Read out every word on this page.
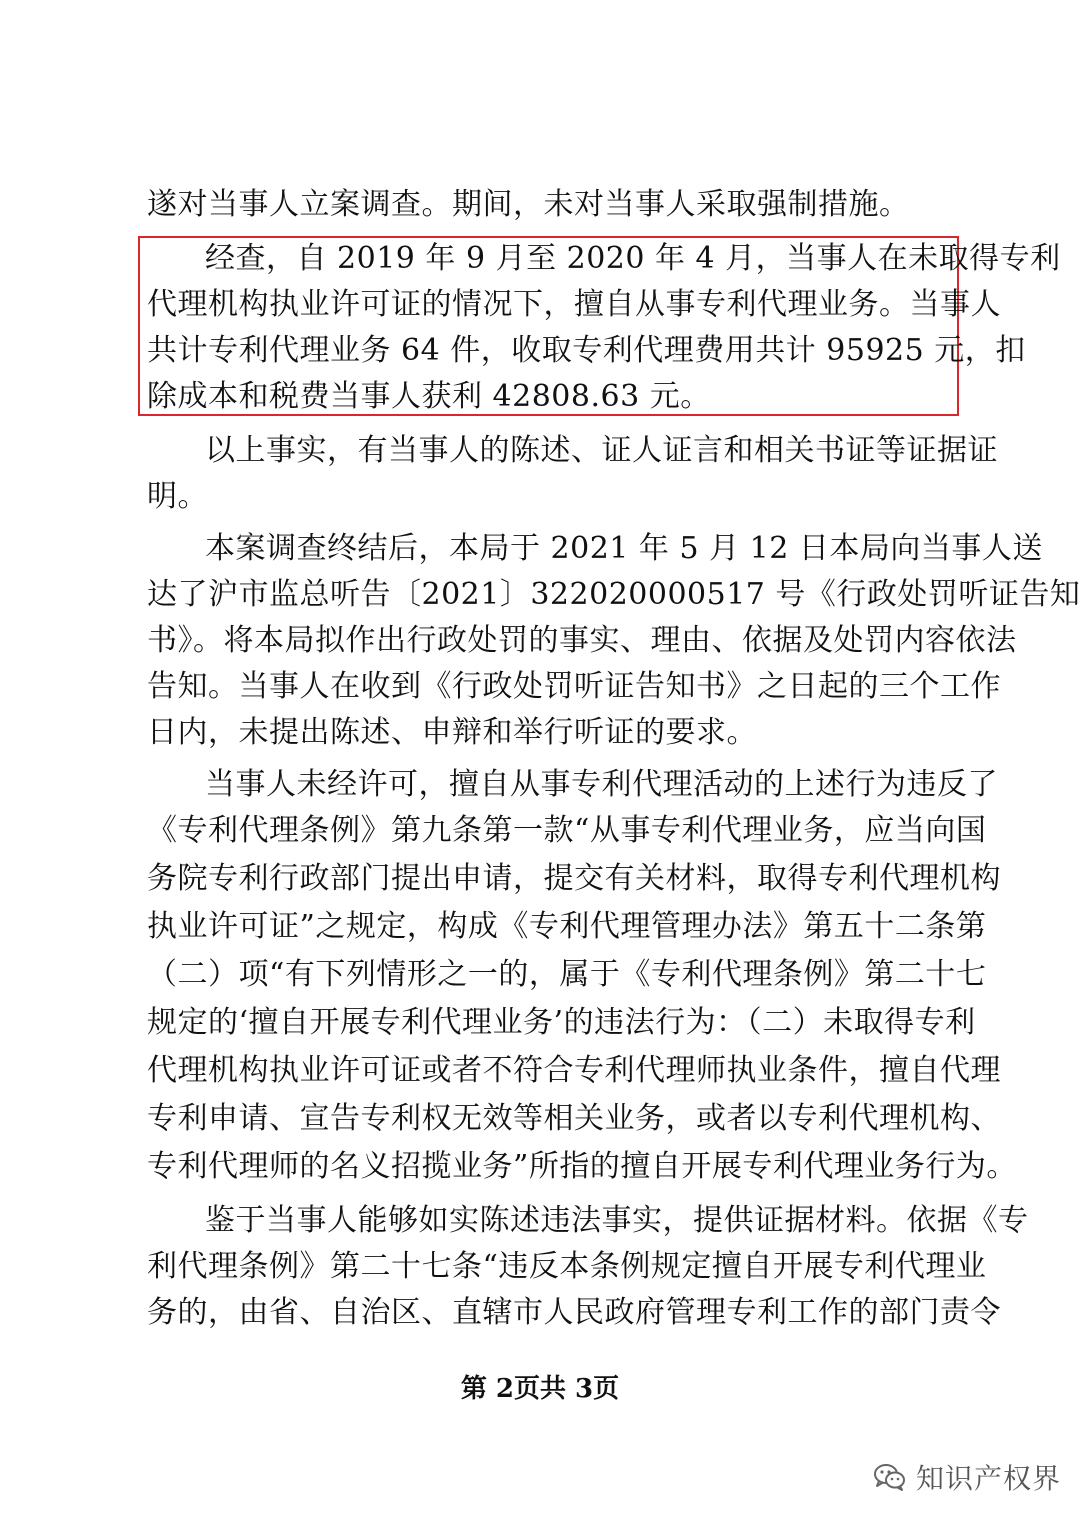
遂对当事人立案调查。期间，未对当事人采取强制措施。
经查，自 2019 年 9 月至 2020 年 4 月，当事人在未取得专利
代理机构执业许可证的情况下，擅自从事专利代理业务。当事人
共计专利代理业务 64 件，收取专利代理费用共计 95925 元，扣
除成本和税费当事人获利 42808.63 元。
以上事实，有当事人的陈述、证人证言和相关书证等证据证
明。
本案调查终结后，本局于 2021 年 5 月 12 日本局向当事人送
达了沪市监总听告〔2021〕322020000517 号《行政处罚听证告知
书》。将本局拟作出行政处罚的事实、理由、依据及处罚内容依法
告知。当事人在收到《行政处罚听证告知书》之日起的三个工作
日内，未提出陈述、申辩和举行听证的要求。
当事人未经许可，擅自从事专利代理活动的上述行为违反了
《专利代理条例》第九条第一款“从事专利代理业务，应当向国
务院专利行政部门提出申请，提交有关材料，取得专利代理机构
执业许可证”之规定，构成《专利代理管理办法》第五十二条第
（二）项“有下列情形之一的，属于《专利代理条例》第二十七
规定的‘擅自开展专利代理业务’的违法行为：（二）未取得专利
代理机构执业许可证或者不符合专利代理师执业条件，擅自代理
专利申请、宣告专利权无效等相关业务，或者以专利代理机构、
专利代理师的名义招揽业务”所指的擅自开展专利代理业务行为。
鉴于当事人能够如实陈述违法事实，提供证据材料。依据《专
利代理条例》第二十七条“违反本条例规定擅自开展专利代理业
务的，由省、自治区、直辖市人民政府管理专利工作的部门责令
第 2页共 3页
知识产权界
